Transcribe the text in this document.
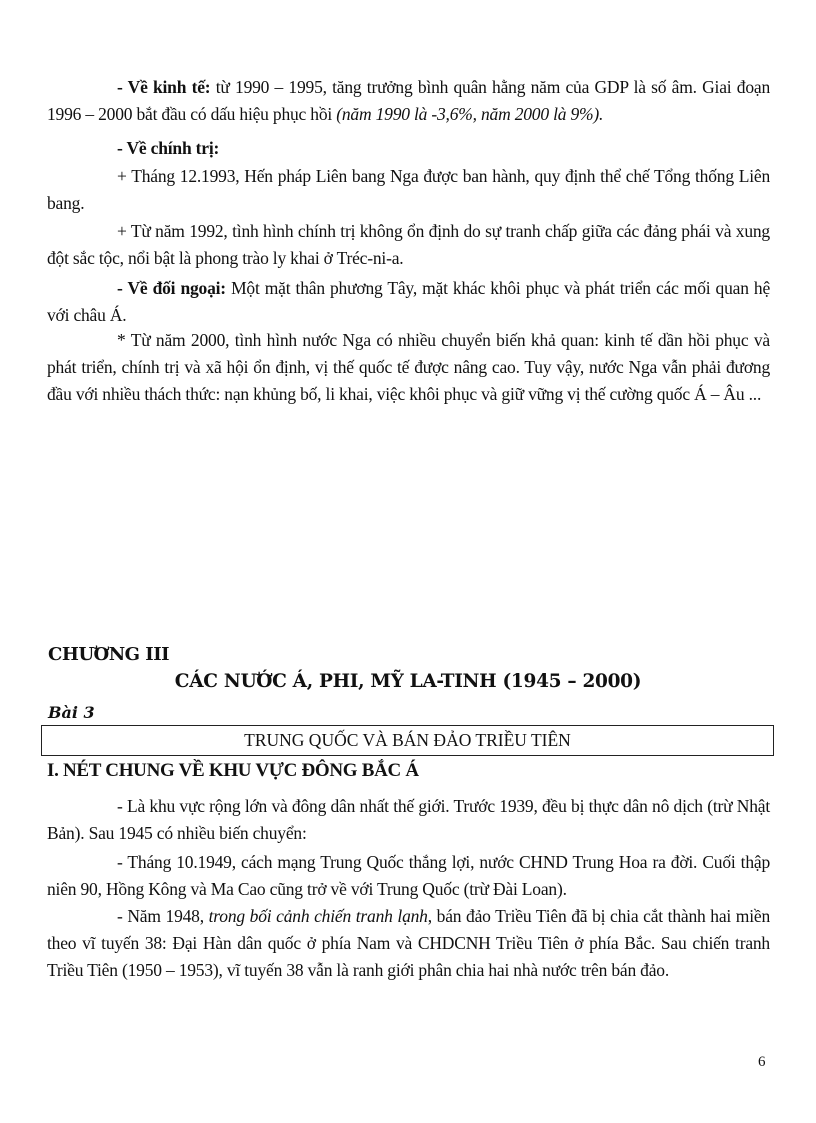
- Về kinh tế: từ 1990 – 1995, tăng trưởng bình quân hằng năm của GDP là số âm. Giai đoạn 1996 – 2000 bắt đầu có dấu hiệu phục hồi (năm 1990 là -3,6%, năm 2000 là 9%).

- Về chính trị:

+ Tháng 12.1993, Hến pháp Liên bang Nga được ban hành, quy định thể chế Tổng thống Liên bang.

+ Từ năm 1992, tình hình chính trị không ổn định do sự tranh chấp giữa các đảng phái và xung đột sắc tộc, nổi bật là phong trào ly khai ở Tréc-ni-a.

- Về đối ngoại: Một mặt thân phương Tây, mặt khác khôi phục và phát triển các mối quan hệ với châu Á.

* Từ năm 2000, tình hình nước Nga có nhiều chuyển biến khả quan: kinh tế dần hồi phục và phát triển, chính trị và xã hội ổn định, vị thế quốc tế được nâng cao. Tuy vậy, nước Nga vẫn phải đương đầu với nhiều thách thức: nạn khủng bố, li khai, việc khôi phục và giữ vững vị thế cường quốc Á – Âu ...

CHƯƠNG III

CÁC NƯỚC Á, PHI, MỸ LA-TINH (1945 – 2000)

Bài 3

TRUNG QUỐC VÀ BÁN ĐẢO TRIỀU TIÊN

I. NÉT CHUNG VỀ KHU VỰC ĐÔNG BẮC Á

- Là khu vực rộng lớn và đông dân nhất thế giới. Trước 1939, đều bị thực dân nô dịch (trừ Nhật Bản). Sau 1945 có nhiều biến chuyển:

- Tháng 10.1949, cách mạng Trung Quốc thắng lợi, nước CHND Trung Hoa ra đời. Cuối thập niên 90, Hồng Kông và Ma Cao cũng trở về với Trung Quốc (trừ Đài Loan).

- Năm 1948, trong bối cảnh chiến tranh lạnh, bán đảo Triều Tiên đã bị chia cắt thành hai miền theo vĩ tuyến 38: Đại Hàn dân quốc ở phía Nam và CHDCNH Triều Tiên ở phía Bắc. Sau chiến tranh Triều Tiên (1950 – 1953), vĩ tuyến 38 vẫn là ranh giới phân chia hai nhà nước trên bán đảo.

6
